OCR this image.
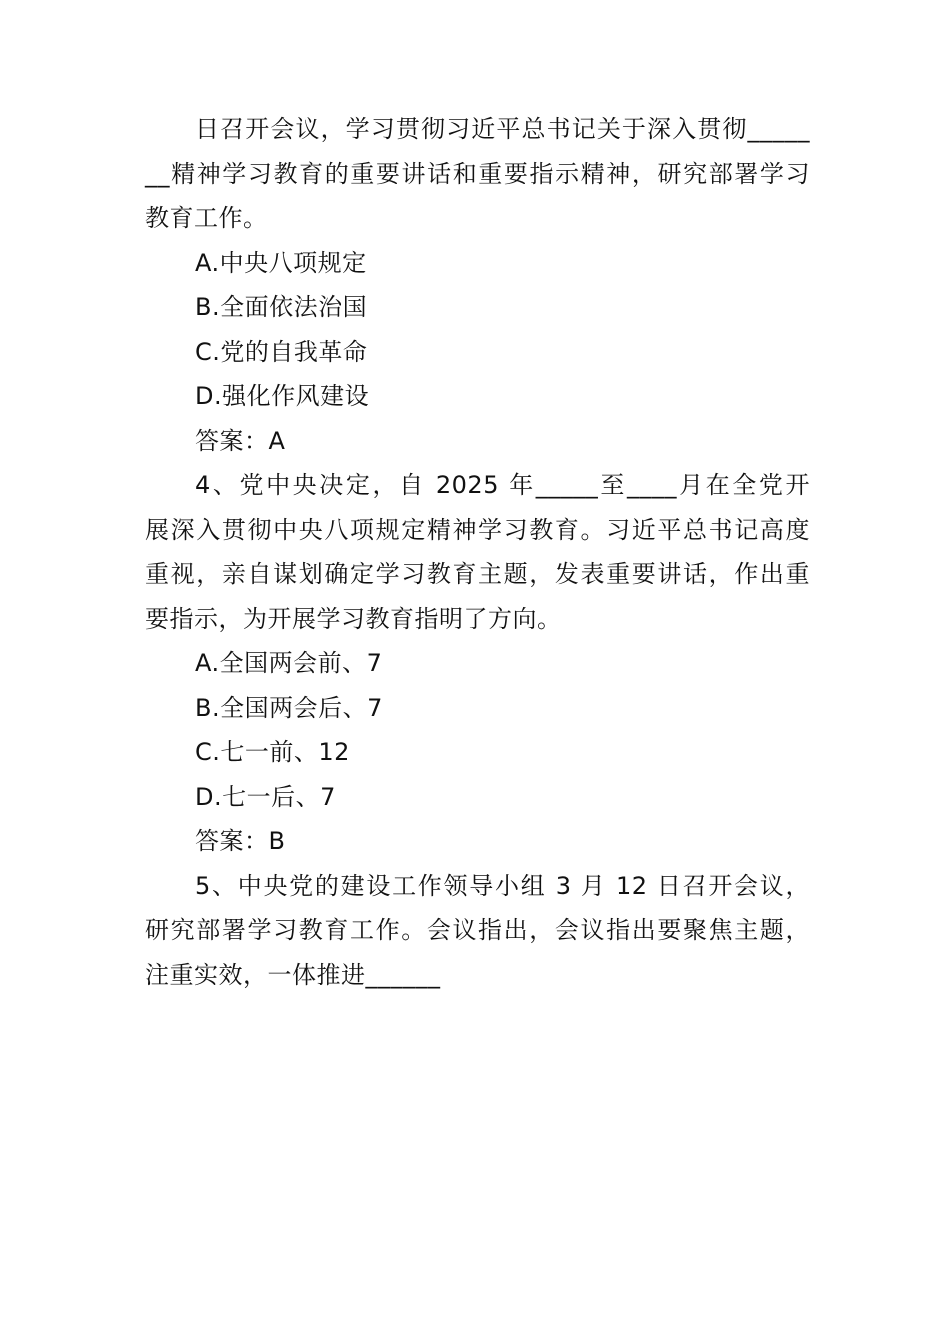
日召开会议，学习贯彻习近平总书记关于深入贯彻_____
__精神学习教育的重要讲话和重要指示精神，研究部署学习
教育工作。
A.中央八项规定
B.全面依法治国
C.党的自我革命
D.强化作风建设
答案：A
4、党中央决定，自 2025 年_____至____月在全党开
展深入贯彻中央八项规定精神学习教育。习近平总书记高度
重视，亲自谋划确定学习教育主题，发表重要讲话，作出重
要指示，为开展学习教育指明了方向。
A.全国两会前、7
B.全国两会后、7
C.七一前、12
D.七一后、7
答案：B
5、中央党的建设工作领导小组 3 月 12 日召开会议，
研究部署学习教育工作。会议指出，会议指出要聚焦主题，
注重实效，一体推进______
